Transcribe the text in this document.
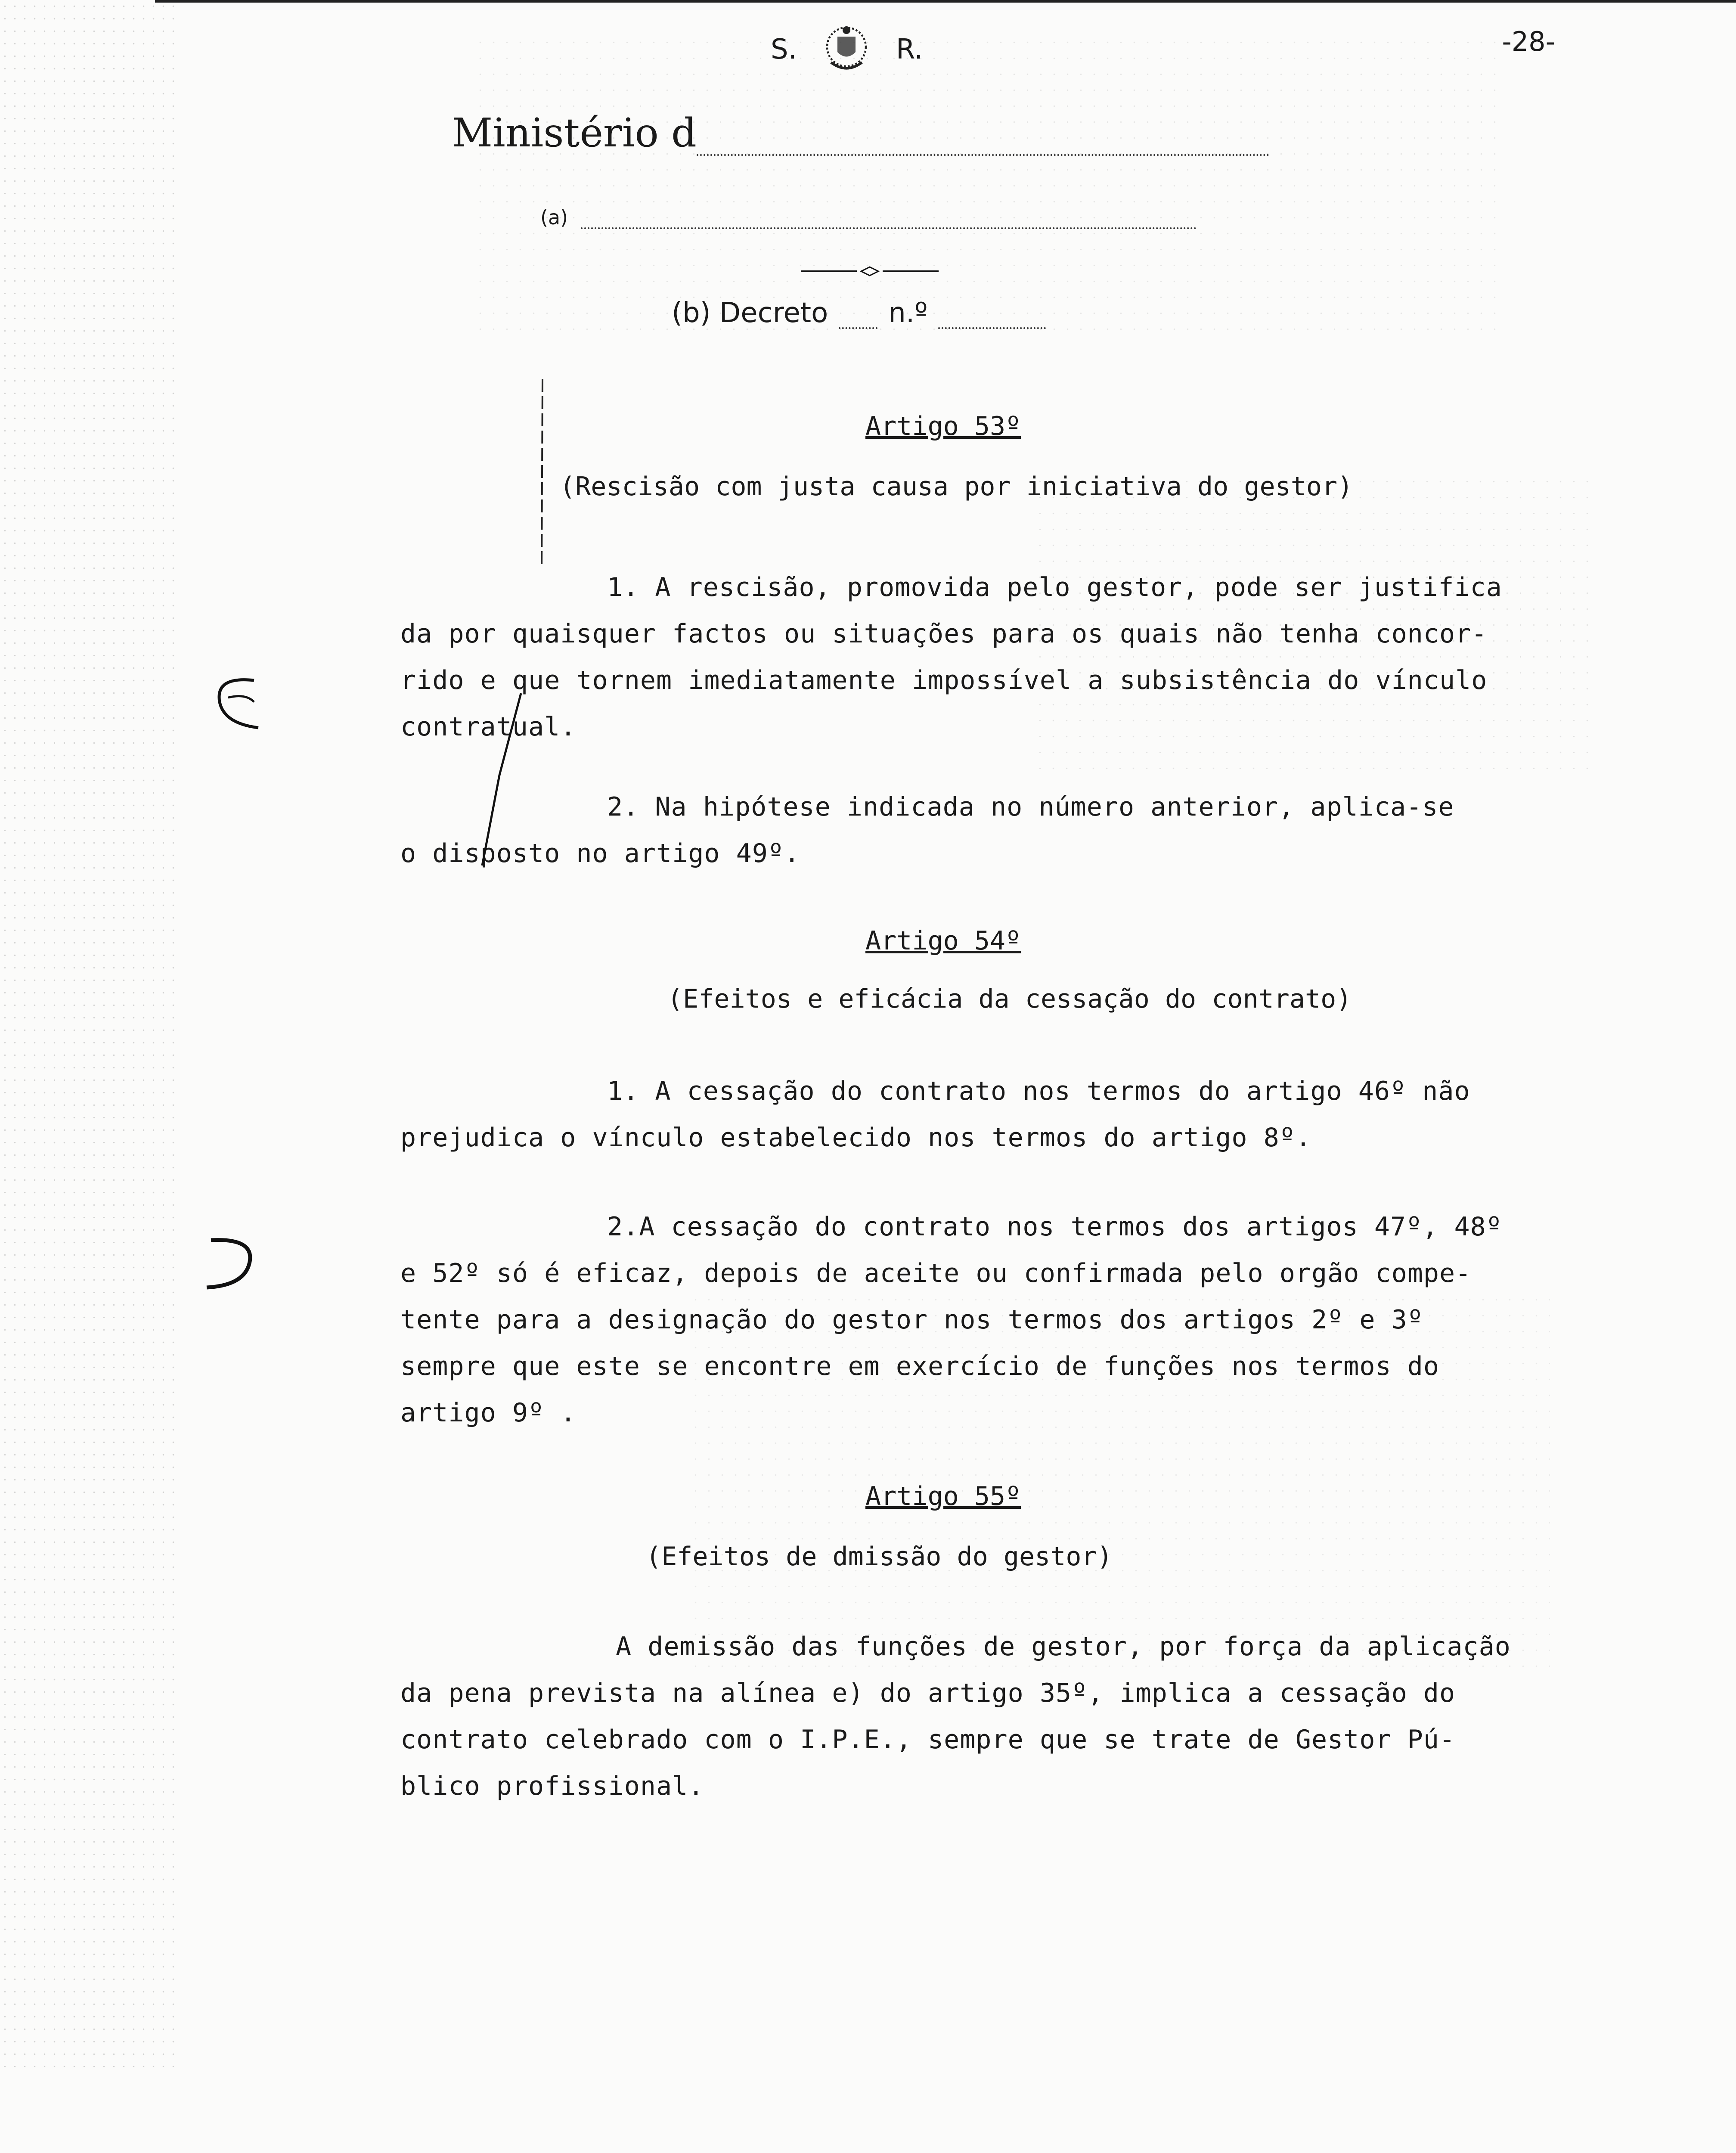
S.	R.	-28-
Ministério d
(a)
(b) Decreto n.º
Artigo 53º
(Rescisão com justa causa por iniciativa do gestor)
1. A rescisão, promovida pelo gestor, pode ser justifica
da por quaisquer factos ou situações para os quais não tenha concor-
rido e que tornem imediatamente impossível a subsistência do vínculo
contratual.
2. Na hipótese indicada no número anterior, aplica-se
o disposto no artigo 49º.
Artigo 54º
(Efeitos e eficácia da cessação do contrato)
1. A cessação do contrato nos termos do artigo 46º não
prejudica o vínculo estabelecido nos termos do artigo 8º.
2.A cessação do contrato nos termos dos artigos 47º, 48º
e 52º só é eficaz, depois de aceite ou confirmada pelo orgão compe-
tente para a designação do gestor nos termos dos artigos 2º e 3º
sempre que este se encontre em exercício de funções nos termos do
artigo 9º .
Artigo 55º
(Efeitos de dmissão do gestor)
A demissão das funções de gestor, por força da aplicação
da pena prevista na alínea e) do artigo 35º, implica a cessação do
contrato celebrado com o I.P.E., sempre que se trate de Gestor Pú-
blico profissional.
